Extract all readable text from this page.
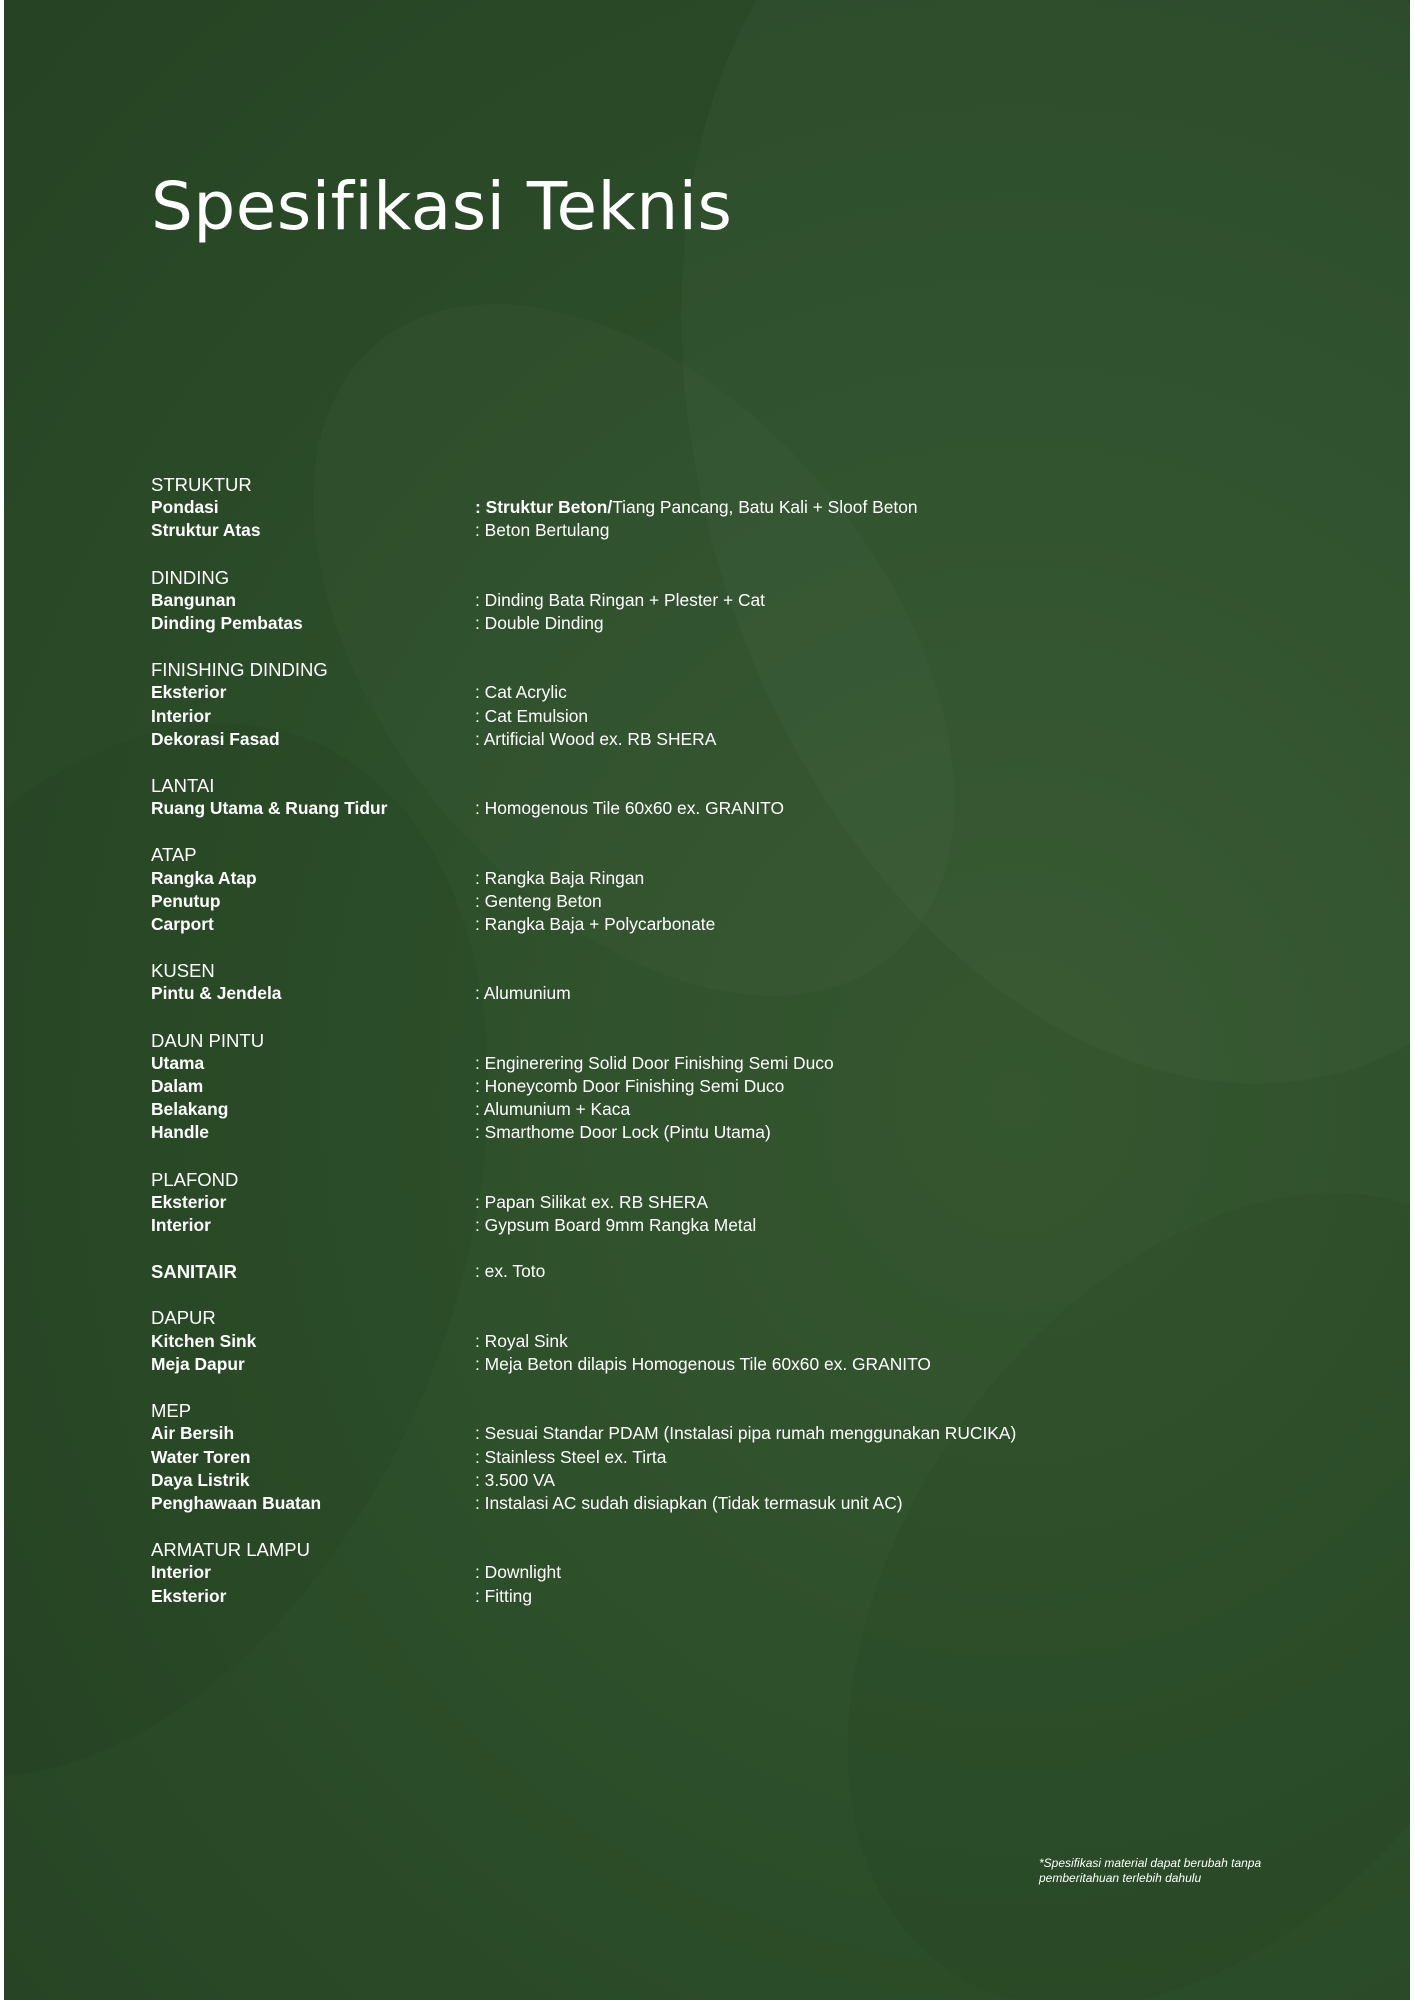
Spesifikasi Teknis
STRUKTUR
Pondasi	: Struktur Beton/Tiang Pancang, Batu Kali + Sloof Beton
Struktur Atas	: Beton Bertulang
DINDING
Bangunan	: Dinding Bata Ringan + Plester + Cat
Dinding Pembatas	: Double Dinding
FINISHING DINDING
Eksterior	: Cat Acrylic
Interior	: Cat Emulsion
Dekorasi Fasad	: Artificial Wood ex. RB SHERA
LANTAI
Ruang Utama & Ruang Tidur	: Homogenous Tile 60x60 ex. GRANITO
ATAP
Rangka Atap	: Rangka Baja Ringan
Penutup	: Genteng Beton
Carport	: Rangka Baja + Polycarbonate
KUSEN
Pintu & Jendela	: Alumunium
DAUN PINTU
Utama	: Enginerering Solid Door Finishing Semi Duco
Dalam	: Honeycomb Door Finishing Semi Duco
Belakang	: Alumunium + Kaca
Handle	: Smarthome Door Lock (Pintu Utama)
PLAFOND
Eksterior	: Papan Silikat ex. RB SHERA
Interior	: Gypsum Board 9mm Rangka Metal
SANITAIR	: ex. Toto
DAPUR
Kitchen Sink	: Royal Sink
Meja Dapur	: Meja Beton dilapis Homogenous Tile 60x60 ex. GRANITO
MEP
Air Bersih	: Sesuai Standar PDAM (Instalasi pipa rumah menggunakan RUCIKA)
Water Toren	: Stainless Steel ex. Tirta
Daya Listrik	: 3.500 VA
Penghawaan Buatan	: Instalasi AC sudah disiapkan (Tidak termasuk unit AC)
ARMATUR LAMPU
Interior	: Downlight
Eksterior	: Fitting
*Spesifikasi material dapat berubah tanpa
pemberitahuan terlebih dahulu
